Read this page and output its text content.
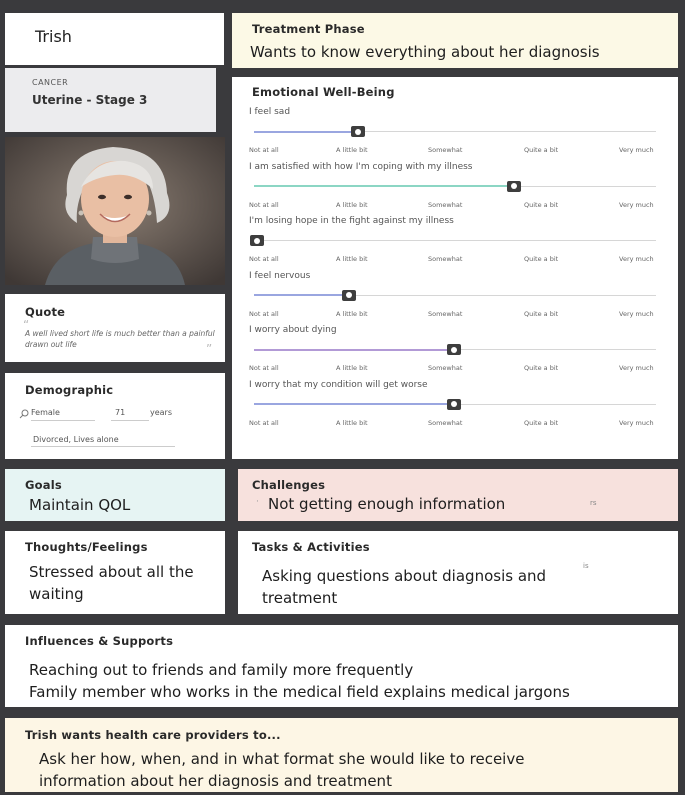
Trish
CANCER
Uterine - Stage 3
Quote
“
A well lived short life is much better than a painful drawn out life	”
Demographic
Female	71	years
Divorced, Lives alone
Treatment Phase
Wants to know everything about her diagnosis
Emotional Well-Being
I feel sad
Not at all	A little bit	Somewhat	Quite a bit	Very much
I am satisfied with how I'm coping with my illness
Not at all	A little bit	Somewhat	Quite a bit	Very much
I'm losing hope in the fight against my illness
Not at all	A little bit	Somewhat	Quite a bit	Very much
I feel nervous
Not at all	A little bit	Somewhat	Quite a bit	Very much
I worry about dying
Not at all	A little bit	Somewhat	Quite a bit	Very much
I worry that my condition will get worse
Not at all	A little bit	Somewhat	Quite a bit	Very much
Goals
Maintain QOL
Challenges
· Not getting enough information	rs
Thoughts/Feelings
Stressed about all the waiting
Tasks & Activities
Asking questions about diagnosis and treatment
is
Influences & Supports
Reaching out to friends and family more frequently
Family member who works in the medical field explains medical jargons
Trish wants health care providers to...
Ask her how, when, and in what format she would like to receive information about her diagnosis and treatment
